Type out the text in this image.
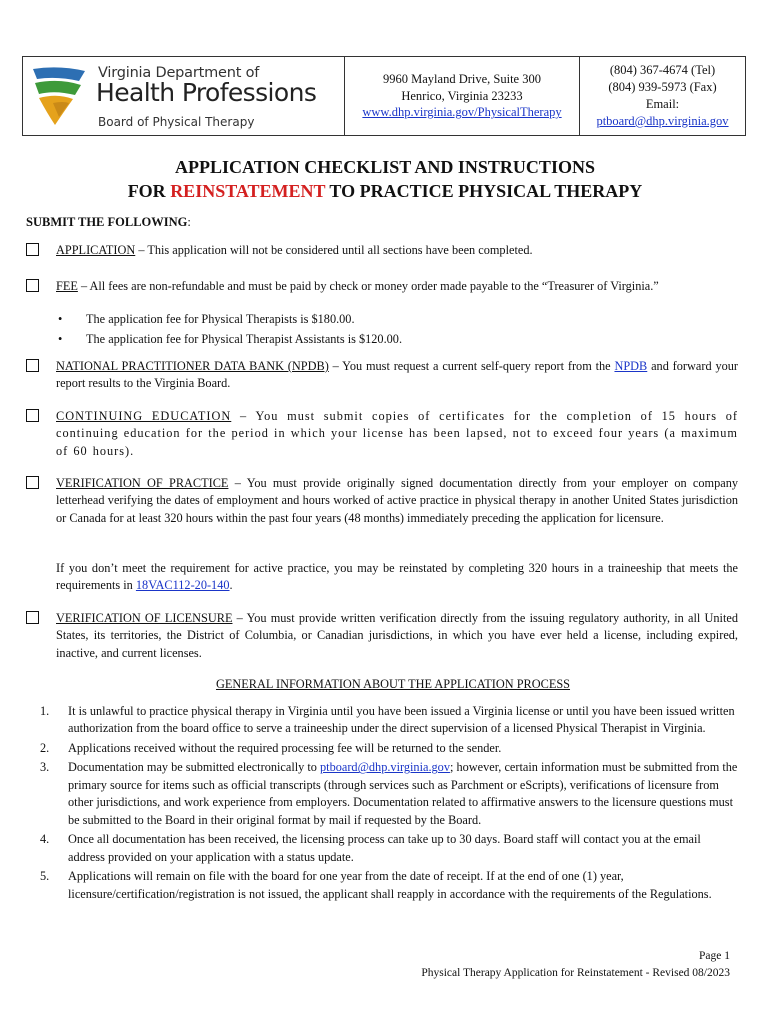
Virginia Department of
Health Professions
Board of Physical Therapy
9960 Mayland Drive, Suite 300
Henrico, Virginia 23233
www.dhp.virginia.gov/PhysicalTherapy
(804) 367-4674 (Tel)
(804) 939-5973 (Fax)
Email:
ptboard@dhp.virginia.gov
APPLICATION CHECKLIST AND INSTRUCTIONS
FOR REINSTATEMENT TO PRACTICE PHYSICAL THERAPY
SUBMIT THE FOLLOWING:
APPLICATION – This application will not be considered until all sections have been completed.
FEE – All fees are non-refundable and must be paid by check or money order made payable to the “Treasurer of Virginia.”
• The application fee for Physical Therapists is $180.00.
• The application fee for Physical Therapist Assistants is $120.00.
NATIONAL PRACTITIONER DATA BANK (NPDB) – You must request a current self-query report from the NPDB and forward your report results to the Virginia Board.
CONTINUING EDUCATION – You must submit copies of certificates for the completion of 15 hours of continuing education for the period in which your license has been lapsed, not to exceed four years (a maximum of 60 hours).
VERIFICATION OF PRACTICE – You must provide originally signed documentation directly from your employer on company letterhead verifying the dates of employment and hours worked of active practice in physical therapy in another United States jurisdiction or Canada for at least 320 hours within the past four years (48 months) immediately preceding the application for licensure.
If you don’t meet the requirement for active practice, you may be reinstated by completing 320 hours in a traineeship that meets the requirements in 18VAC112-20-140.
VERIFICATION OF LICENSURE – You must provide written verification directly from the issuing regulatory authority, in all United States, its territories, the District of Columbia, or Canadian jurisdictions, in which you have ever held a license, including expired, inactive, and current licenses.
GENERAL INFORMATION ABOUT THE APPLICATION PROCESS
1. It is unlawful to practice physical therapy in Virginia until you have been issued a Virginia license or until you have been issued written authorization from the board office to serve a traineeship under the direct supervision of a licensed Physical Therapist in Virginia.
2. Applications received without the required processing fee will be returned to the sender.
3. Documentation may be submitted electronically to ptboard@dhp.virginia.gov; however, certain information must be submitted from the primary source for items such as official transcripts (through services such as Parchment or eScripts), verifications of licensure from other jurisdictions, and work experience from employers. Documentation related to affirmative answers to the licensure questions must be submitted to the Board in their original format by mail if requested by the Board.
4. Once all documentation has been received, the licensing process can take up to 30 days. Board staff will contact you at the email address provided on your application with a status update.
5. Applications will remain on file with the board for one year from the date of receipt. If at the end of one (1) year, licensure/certification/registration is not issued, the applicant shall reapply in accordance with the requirements of the Regulations.
Page 1
Physical Therapy Application for Reinstatement - Revised 08/2023
